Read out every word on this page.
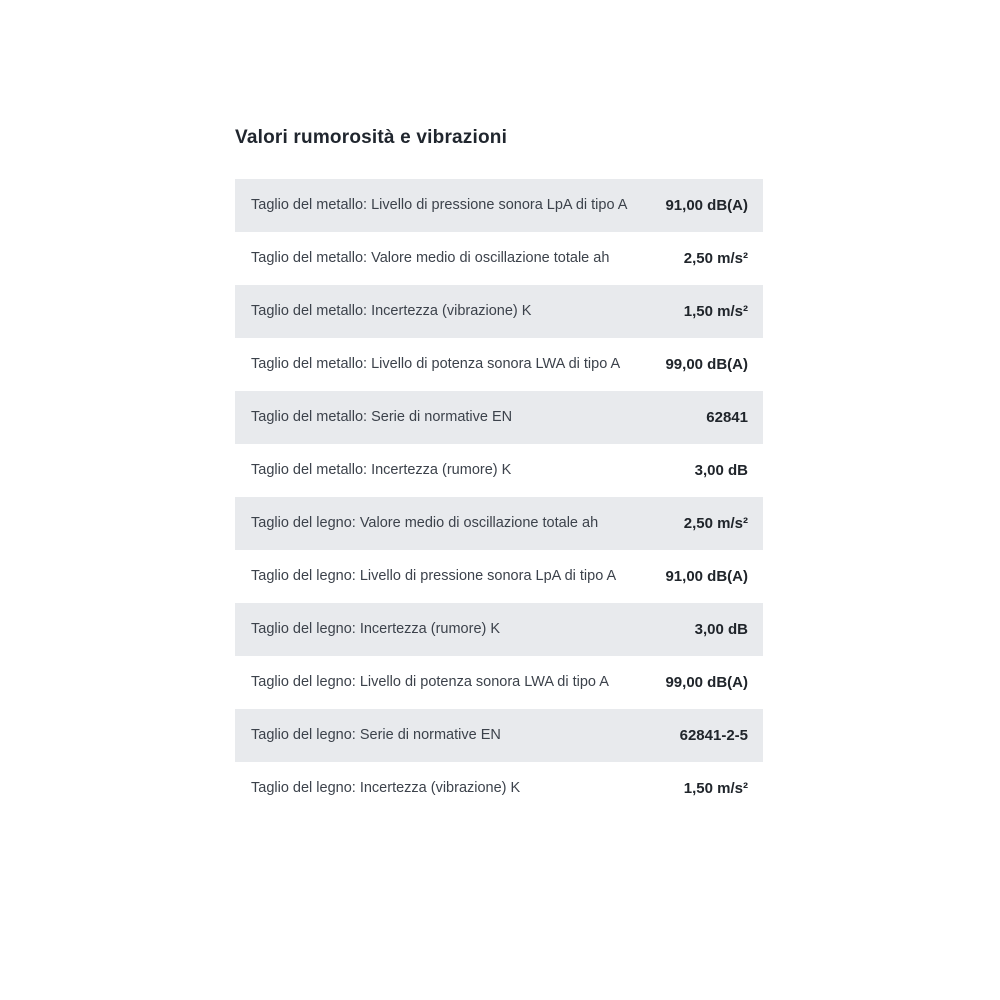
Valori rumorosità e vibrazioni
Taglio del metallo: Livello di pressione sonora LpA di tipo A	91,00 dB(A)
Taglio del metallo: Valore medio di oscillazione totale ah	2,50 m/s²
Taglio del metallo: Incertezza (vibrazione) K	1,50 m/s²
Taglio del metallo: Livello di potenza sonora LWA di tipo A	99,00 dB(A)
Taglio del metallo: Serie di normative EN	62841
Taglio del metallo: Incertezza (rumore) K	3,00 dB
Taglio del legno: Valore medio di oscillazione totale ah	2,50 m/s²
Taglio del legno: Livello di pressione sonora LpA di tipo A	91,00 dB(A)
Taglio del legno: Incertezza (rumore) K	3,00 dB
Taglio del legno: Livello di potenza sonora LWA di tipo A	99,00 dB(A)
Taglio del legno: Serie di normative EN	62841-2-5
Taglio del legno: Incertezza (vibrazione) K	1,50 m/s²
